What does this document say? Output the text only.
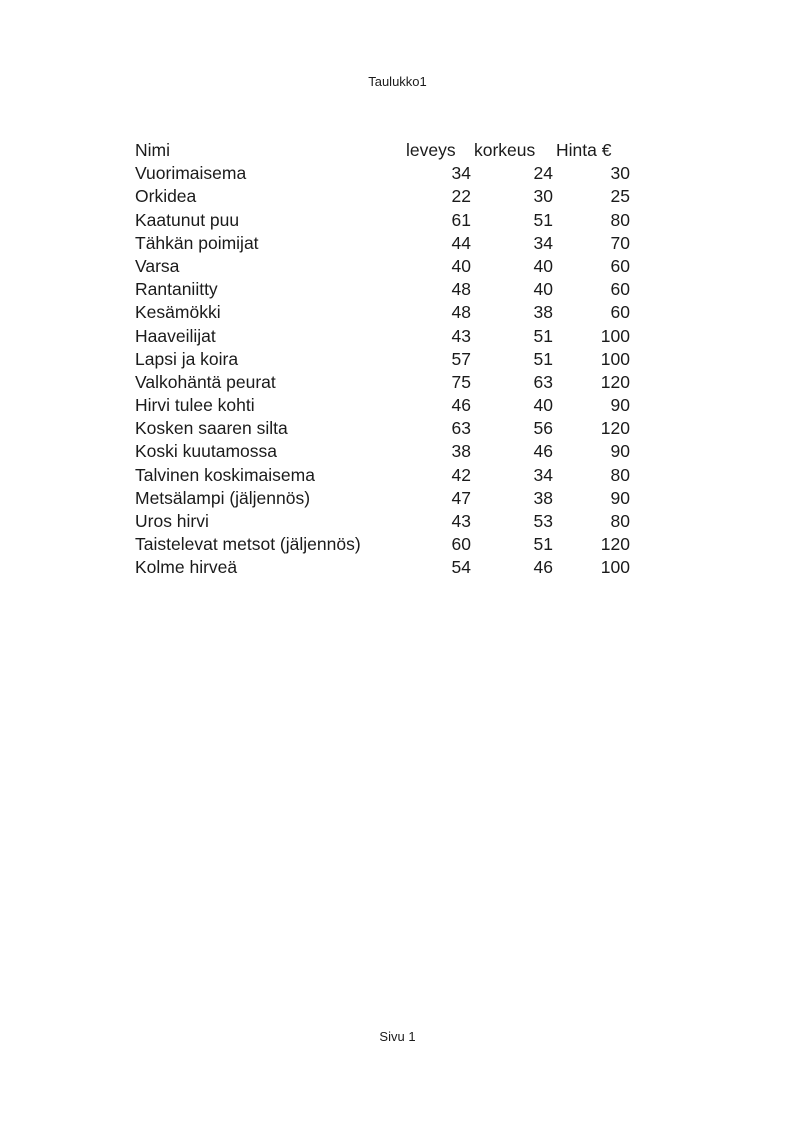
Taulukko1
Nimi	leveys	korkeus	Hinta €
Vuorimaisema	34	24	30
Orkidea	22	30	25
Kaatunut puu	61	51	80
Tähkän poimijat	44	34	70
Varsa	40	40	60
Rantaniitty	48	40	60
Kesämökki	48	38	60
Haaveilijat	43	51	100
Lapsi ja koira	57	51	100
Valkohäntä peurat	75	63	120
Hirvi tulee kohti	46	40	90
Kosken saaren silta	63	56	120
Koski kuutamossa	38	46	90
Talvinen koskimaisema	42	34	80
Metsälampi (jäljennös)	47	38	90
Uros hirvi	43	53	80
Taistelevat metsot (jäljennös)	60	51	120
Kolme hirveä	54	46	100
Sivu 1
